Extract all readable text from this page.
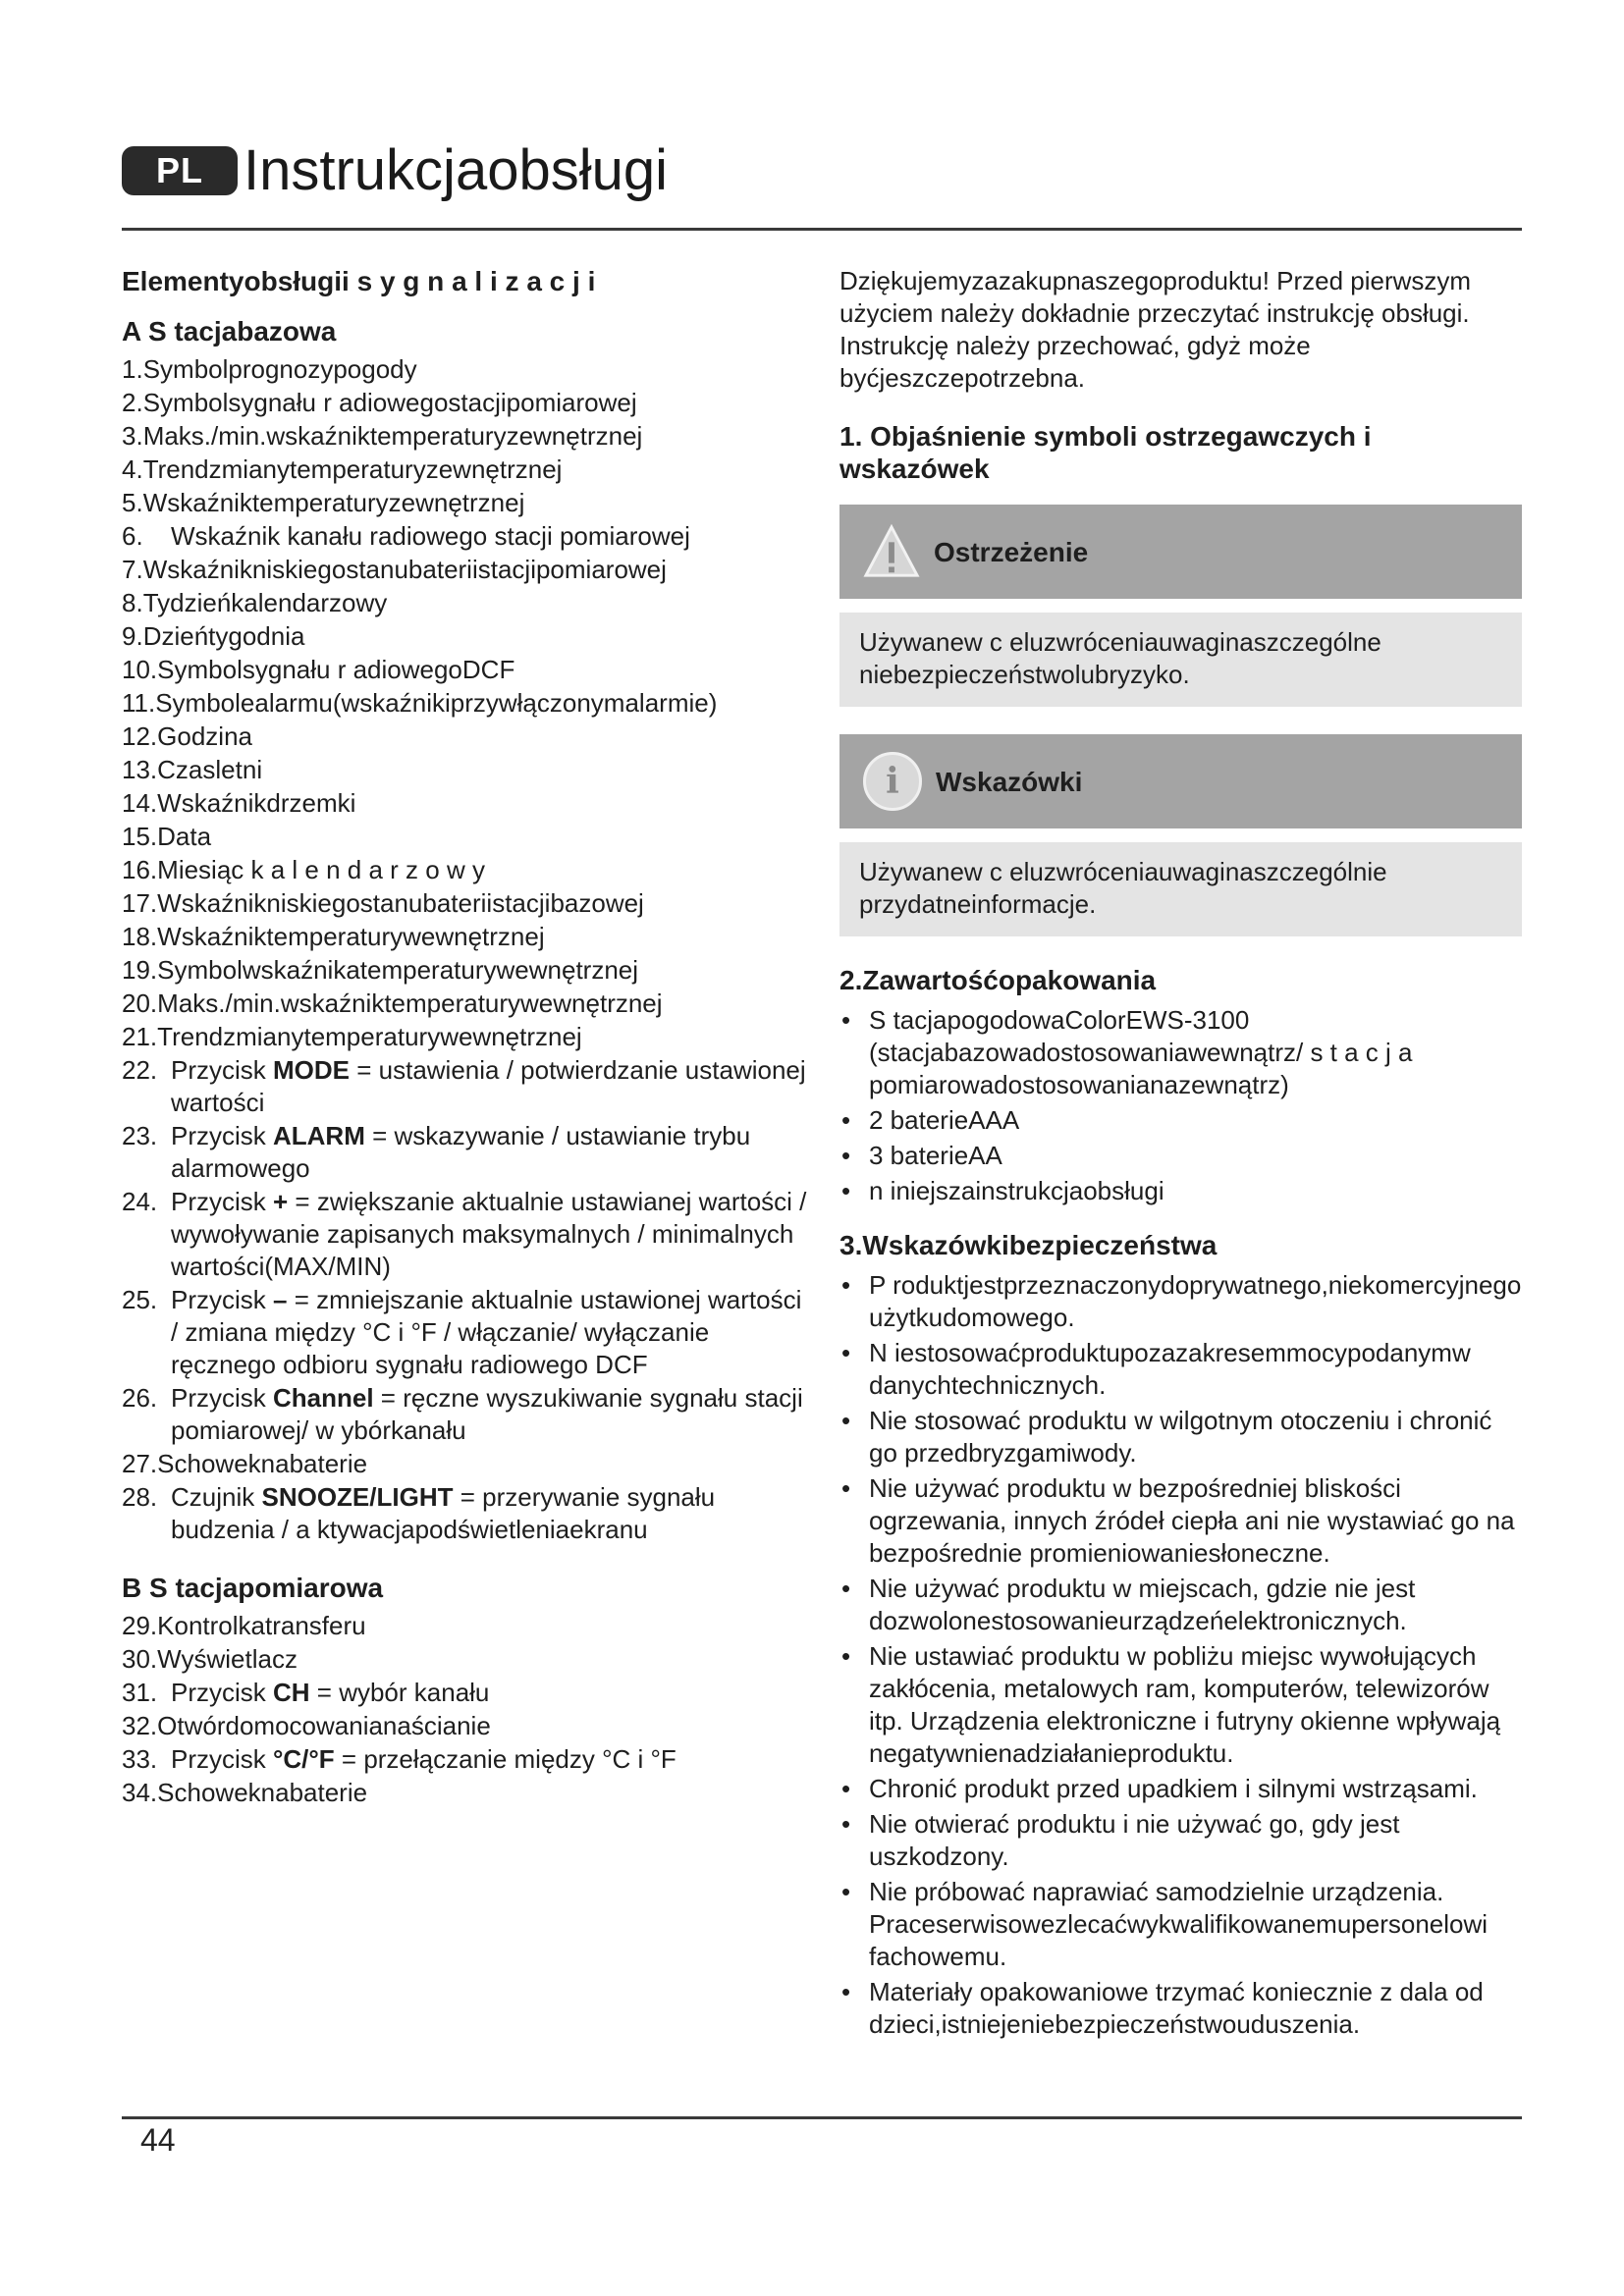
PL Instrukcjaobsługi
Elementyobsługii s y g n a l i z a c j i
A S tacjabazowa
1.Symbolprognozypogody
2.Symbolsygnału r adiowegostacjipomiarowej
3.Maks./min.wskaźniktemperaturyzewnętrznej
4.Trendzmianytemperaturyzewnętrznej
5.Wskaźniktemperaturyzewnętrznej
6. Wskaźnik kanału radiowego stacji pomiarowej
7.Wskaźnikniskiegostanubateriistacjipomiarowej
8.Tydzieńkalendarzowy
9.Dzieńtygodnia
10.Symbolsygnału r adiowegoDCF
11.Symbolealarmu(wskaźnikiprzywłączonymalarmie)
12.Godzina
13.Czasletni
14.Wskaźnikdrzemki
15.Data
16.Miesiąc k a l e n d a r z o w y
17.Wskaźnikniskiegostanubateriistacjibazowej
18.Wskaźniktemperaturywewnętrznej
19.Symbolwskaźnikatemperaturywewnętrznej
20.Maks./min.wskaźniktemperaturywewnętrznej
21.Trendzmianytemperaturywewnętrznej
22. Przycisk MODE = ustawienia / potwierdzanie ustawionej wartości
23. Przycisk ALARM = wskazywanie / ustawianie trybu alarmowego
24. Przycisk + = zwiększanie aktualnie ustawianej wartości / wywoływanie zapisanych maksymalnych / minimalnych wartości(MAX/MIN)
25. Przycisk – = zmniejszanie aktualnie ustawionej wartości / zmiana między °C i °F / włączanie/ wyłączanie ręcznego odbioru sygnału radiowego DCF
26. Przycisk Channel = ręczne wyszukiwanie sygnału stacji pomiarowej/ w ybórkanału
27.Schoweknabaterie
28. Czujnik SNOOZE/LIGHT = przerywanie sygnału budzenia / a ktywacjapodświetleniaekranu
B S tacjapomiarowa
29.Kontrolkatransferu
30.Wyświetlacz
31. Przycisk CH = wybór kanału
32.Otwórdomocowanianaścianie
33. Przycisk °C/°F = przełączanie między °C i °F
34.Schoweknabaterie

Dziękujemyzazakupnaszegoproduktu! Przed pierwszym użyciem należy dokładnie przeczytać instrukcję obsługi. Instrukcję należy przechować, gdyż może byćjeszczepotrzebna.

1. Objaśnienie symboli ostrzegawczych i wskazówek
Ostrzeżenie
Używanew c eluzwróceniauwaginaszczególne niebezpieczeństwolubryzyko.
i	Wskazówki
Używanew c eluzwróceniauwaginaszczególnie przydatneinformacje.
2.Zawartośćopakowania
• S tacjapogodowaColorEWS-3100 (stacjabazowadostosowaniawewnątrz/ s t a c j a pomiarowadostosowanianazewnątrz)
• 2 baterieAAA
• 3 baterieAA
• n iniejszainstrukcjaobsługi
3.Wskazówkibezpieczeństwa
• P roduktjestprzeznaczonydoprywatnego,niekomercyjnego użytkudomowego.
• N iestosowaćproduktupozazakresemmocypodanymw danychtechnicznych.
• Nie stosować produktu w wilgotnym otoczeniu i chronić go przedbryzgamiwody.
• Nie używać produktu w bezpośredniej bliskości ogrzewania, innych źródeł ciepła ani nie wystawiać go na bezpośrednie promieniowaniesłoneczne.
• Nie używać produktu w miejscach, gdzie nie jest dozwolonestosowanieurządzeńelektronicznych.
• Nie ustawiać produktu w pobliżu miejsc wywołujących zakłócenia, metalowych ram, komputerów, telewizorów itp. Urządzenia elektroniczne i futryny okienne wpływają negatywnienadziałanieproduktu.
• Chronić produkt przed upadkiem i silnymi wstrząsami.
• Nie otwierać produktu i nie używać go, gdy jest uszkodzony.
• Nie próbować naprawiać samodzielnie urządzenia. Praceserwisowezlecaćwykwalifikowanemupersonelowi fachowemu.
• Materiały opakowaniowe trzymać koniecznie z dala od dzieci,istniejeniebezpieczeństwouduszenia.
44
